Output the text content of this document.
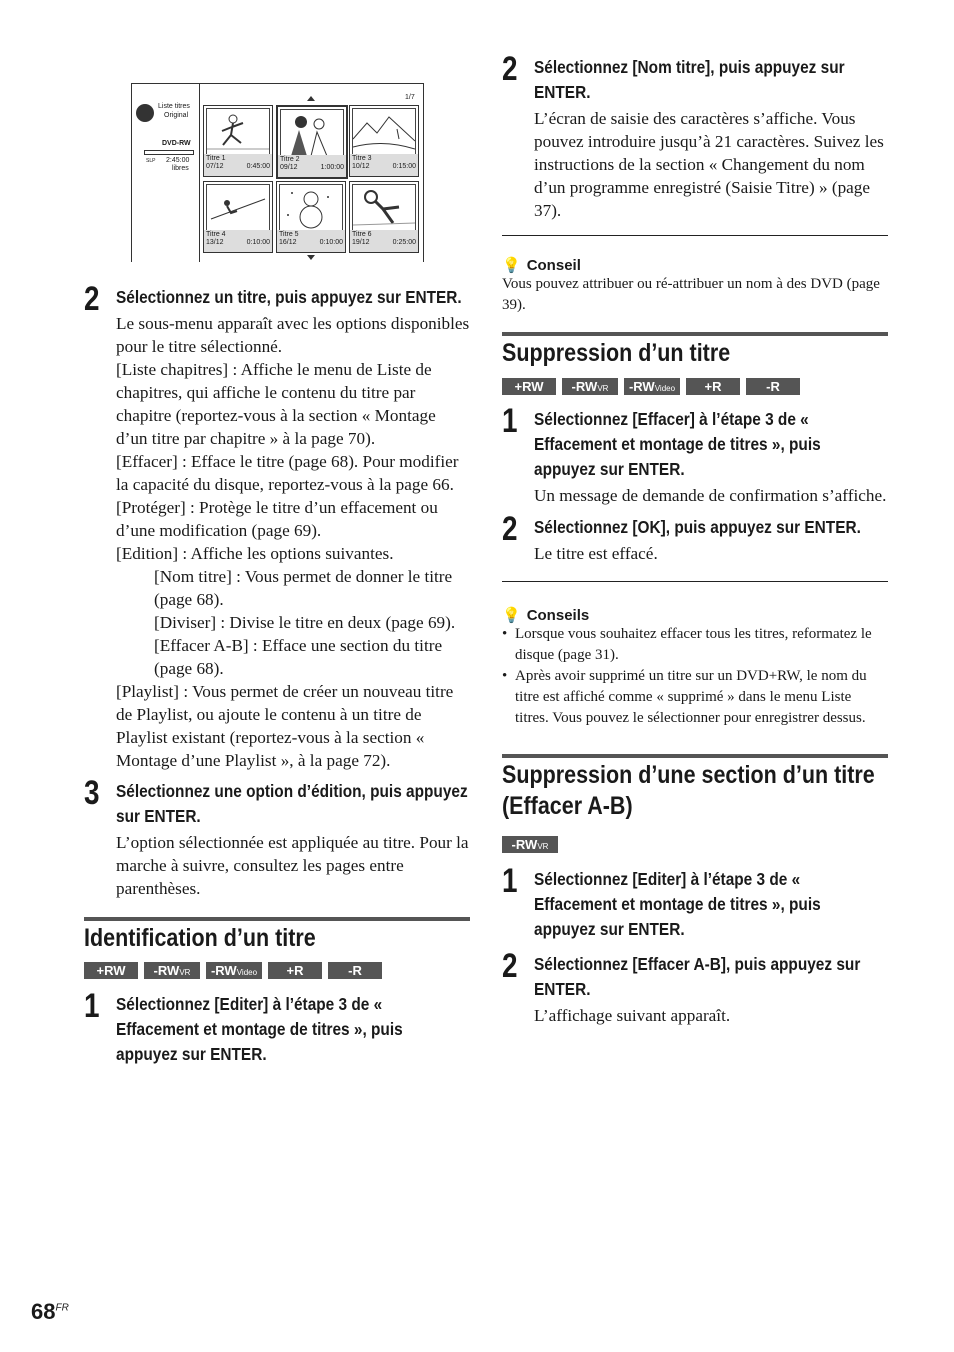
Liste titres
Original
DVD-RW
SLP 2:45:00
libres
1/7
Titre 1
07/12	0:45:00
Titre 2
09/12	1:00:00
Titre 3
10/12	0:15:00
Titre 4
13/12	0:10:00
Titre 5
16/12	0:10:00
Titre 6
19/12	0:25:00
2 Sélectionnez un titre, puis appuyez sur ENTER.

Le sous-menu apparaît avec les options disponibles pour le titre sélectionné.

[Liste chapitres] : Affiche le menu de Liste de chapitres, qui affiche le contenu du titre par chapitre (reportez-vous à la section « Montage d’un titre par chapitre » à la page 70).

[Effacer] : Efface le titre (page 68). Pour modifier la capacité du disque, reportez-vous à la page 66.

[Protéger] : Protège le titre d’un effacement ou d’une modification (page 69).

[Edition] : Affiche les options suivantes.

[Nom titre] : Vous permet de donner le titre (page 68).

[Diviser] : Divise le titre en deux (page 69).

[Effacer A-B] : Efface une section du titre (page 68).

[Playlist] : Vous permet de créer un nouveau titre de Playlist, ou ajoute le contenu à un titre de Playlist existant (reportez-vous à la section « Montage d’une Playlist », à la page 72).

3 Sélectionnez une option d’édition, puis appuyez sur ENTER.

L’option sélectionnée est appliquée au titre. Pour la marche à suivre, consultez les pages entre parenthèses.

Identification d’un titre
+RW	-RWVR	-RWVideo	+R	-R
1 Sélectionnez [Editer] à l’étape 3 de « Effacement et montage de titres », puis appuyez sur ENTER.

2 Sélectionnez [Nom titre], puis appuyez sur ENTER.

L’écran de saisie des caractères s’affiche. Vous pouvez introduire jusqu’à 21 caractères. Suivez les instructions de la section « Changement du nom d’un programme enregistré (Saisie Titre) » (page 37).

💡 Conseil

Vous pouvez attribuer ou ré-attribuer un nom à des DVD (page 39).

Suppression d’un titre
+RW	-RWVR	-RWVideo	+R	-R
1 Sélectionnez [Effacer] à l’étape 3 de « Effacement et montage de titres », puis appuyez sur ENTER.

Un message de demande de confirmation s’affiche.

2 Sélectionnez [OK], puis appuyez sur ENTER.

Le titre est effacé.

💡 Conseils

• Lorsque vous souhaitez effacer tous les titres, reformatez le disque (page 31).

• Après avoir supprimé un titre sur un DVD+RW, le nom du titre est affiché comme « supprimé » dans le menu Liste titres. Vous pouvez le sélectionner pour enregistrer dessus.

Suppression d’une section d’un titre (Effacer A-B)
-RWVR
1 Sélectionnez [Editer] à l’étape 3 de « Effacement et montage de titres », puis appuyez sur ENTER.

2 Sélectionnez [Effacer A-B], puis appuyez sur ENTER.

L’affichage suivant apparaît.

$68^{FR}$
